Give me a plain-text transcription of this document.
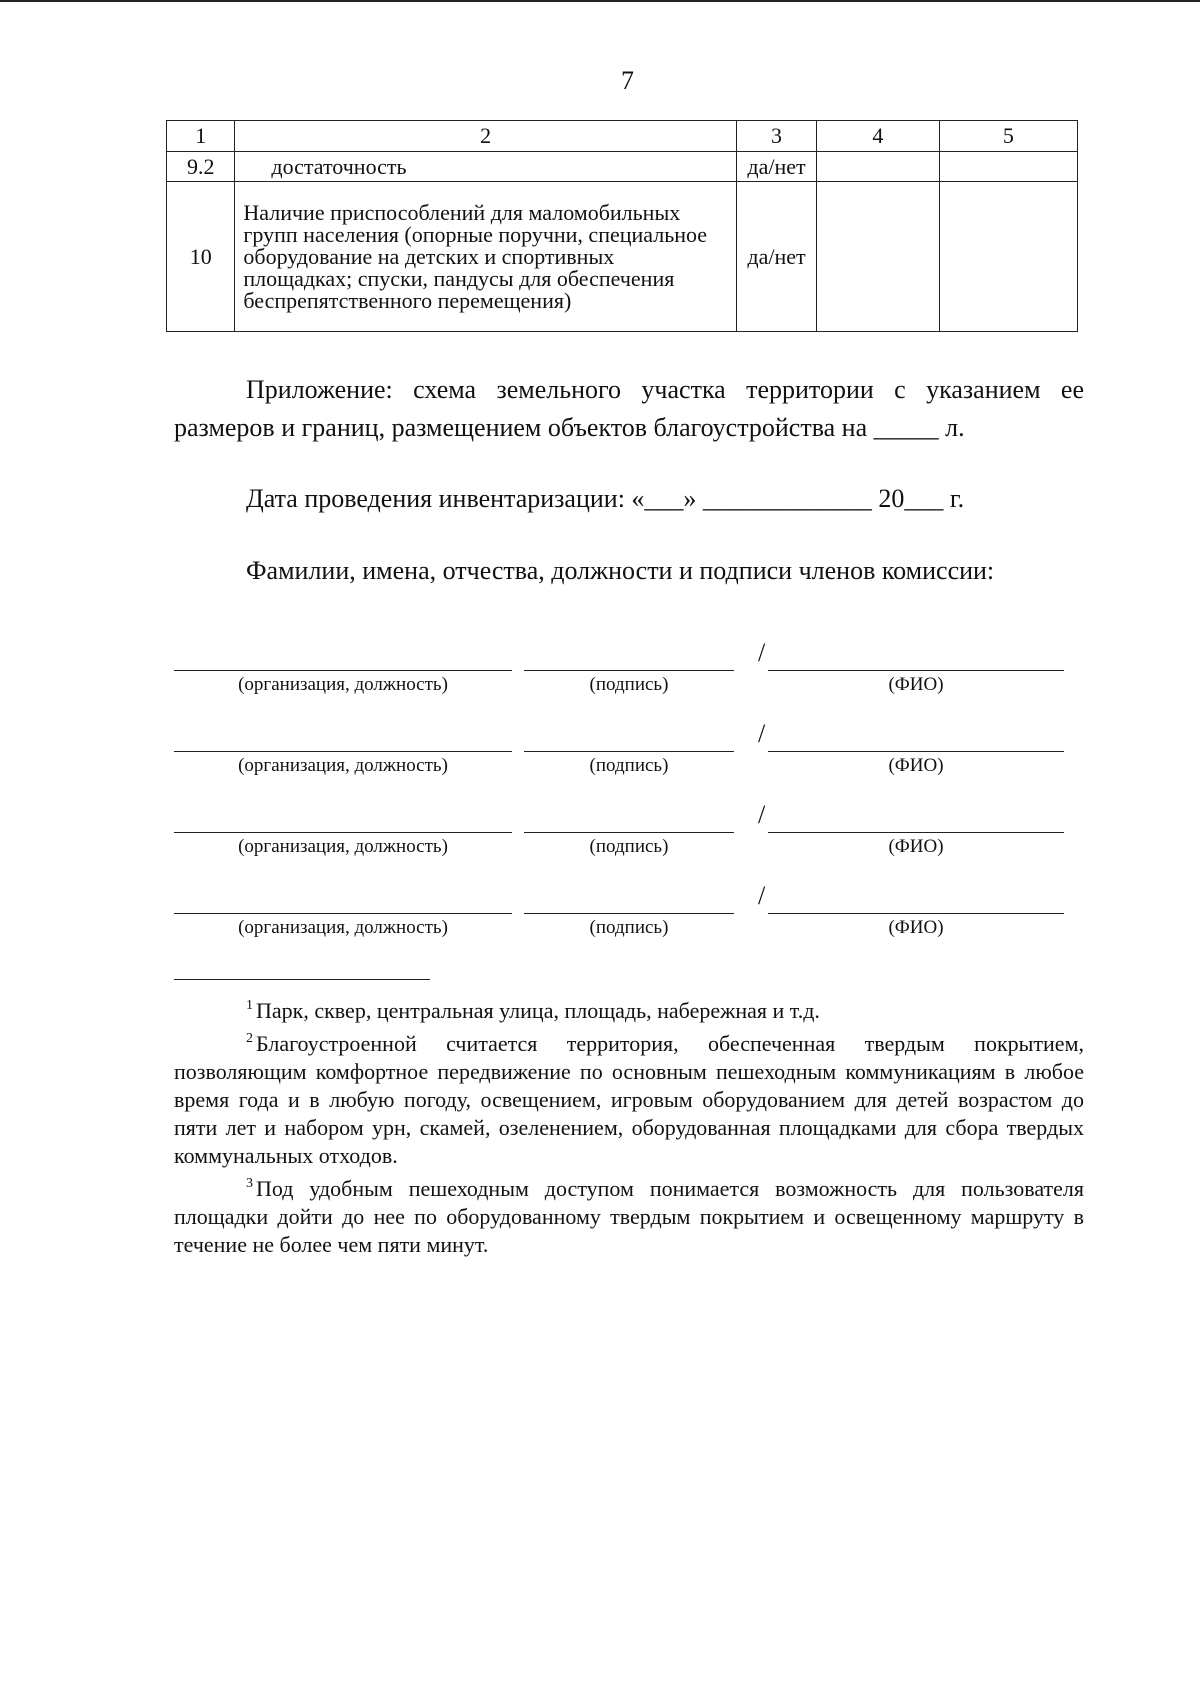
7
1	2	3	4	5
9.2	достаточность	да/нет		
10	Наличие приспособлений для маломобильных групп населения (опорные поручни, специальное оборудование на детских и спортивных площадках; спуски, пандусы для обеспечения беспрепятственного перемещения)	да/нет		
Приложение: схема земельного участка территории с указанием ее размеров и границ, размещением объектов благоустройства на _____ л.
Дата проведения инвентаризации: «___» _____________ 20___ г.
Фамилии, имена, отчества, должности и подписи членов комиссии:
/
(организация, должность)	(подпись)	(ФИО)
/
(организация, должность)	(подпись)	(ФИО)
/
(организация, должность)	(подпись)	(ФИО)
/
(организация, должность)	(подпись)	(ФИО)

$^1$ Парк, сквер, центральная улица, площадь, набережная и т.д.

$^2$ Благоустроенной считается территория, обеспеченная твердым покрытием, позволяющим комфортное передвижение по основным пешеходным коммуникациям в любое время года и в любую погоду, освещением, игровым оборудованием для детей возрастом до пяти лет и набором урн, скамей, озеленением, оборудованная площадками для сбора твердых коммунальных отходов.

$^3$ Под удобным пешеходным доступом понимается возможность для пользователя площадки дойти до нее по оборудованному твердым покрытием и освещенному маршруту в течение не более чем пяти минут.
